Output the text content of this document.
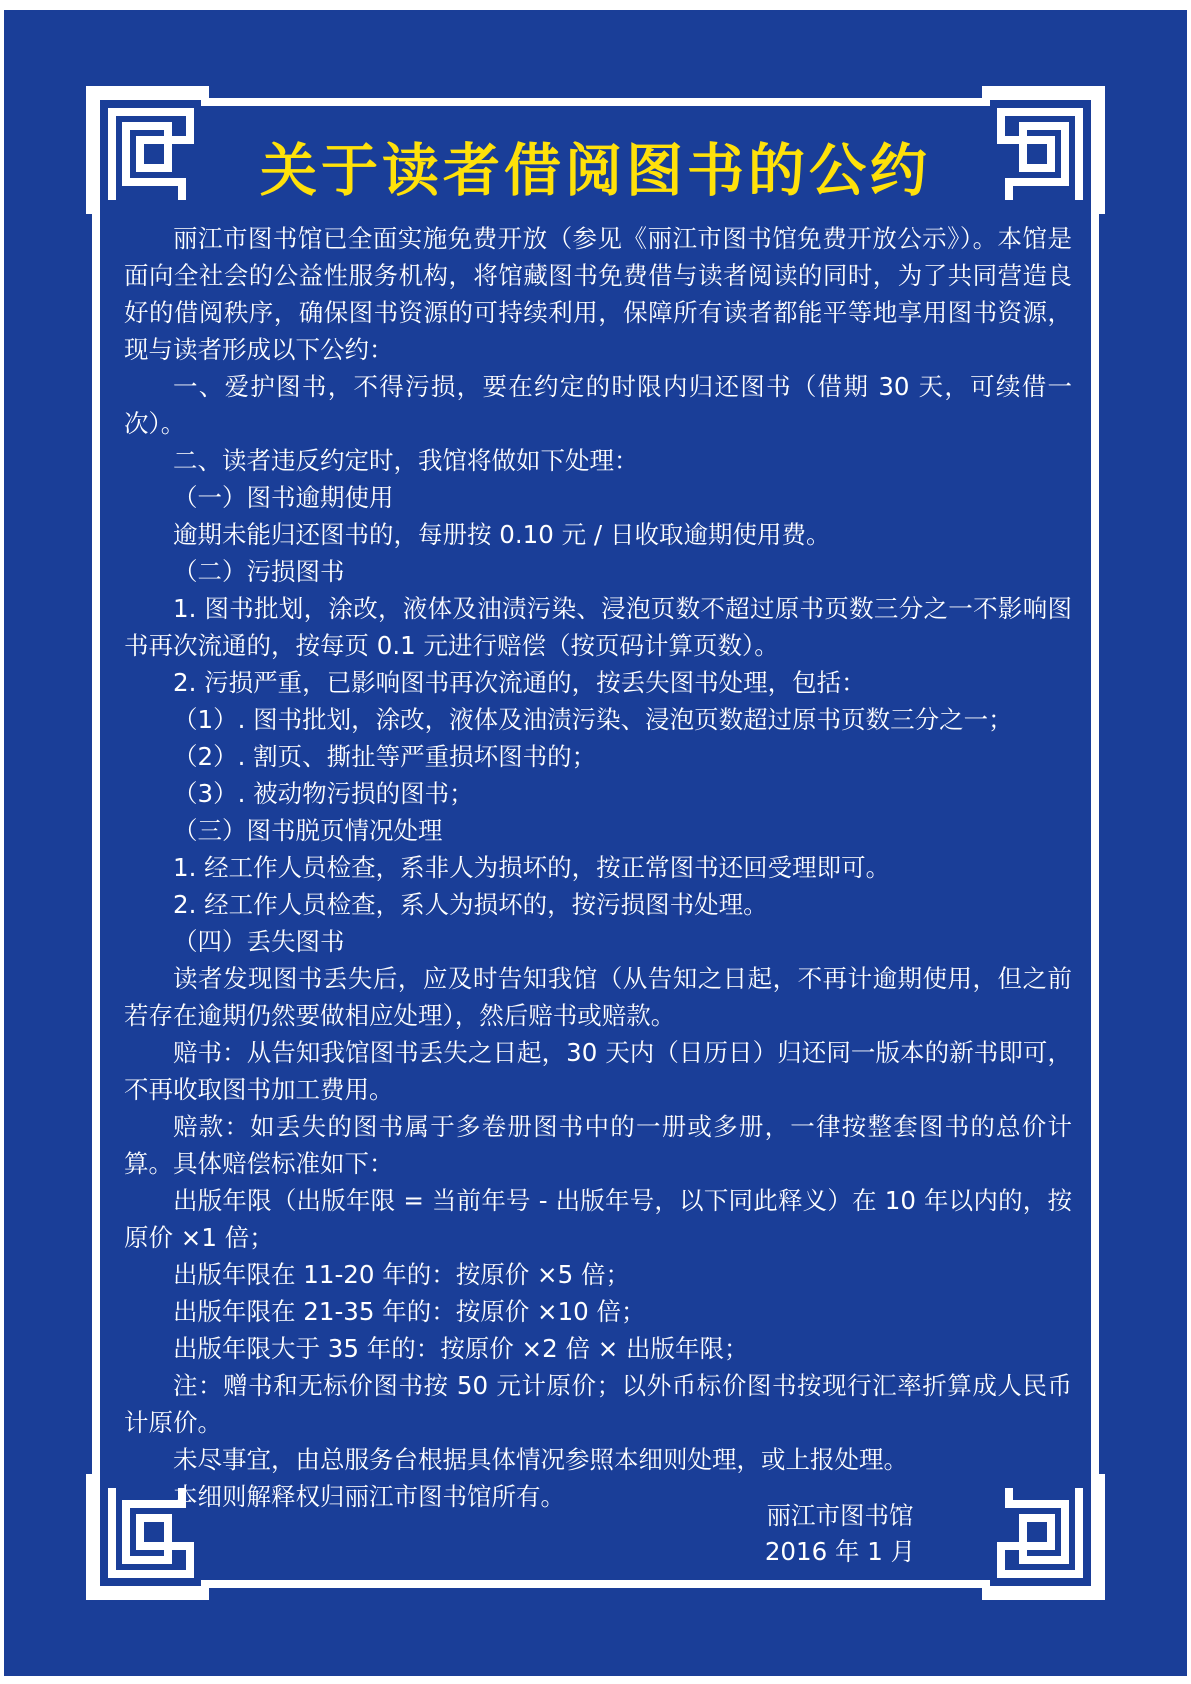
关于读者借阅图书的公约

丽江市图书馆已全面实施免费开放（参见《丽江市图书馆免费开放公示》）。本馆是面向全社会的公益性服务机构，将馆藏图书免费借与读者阅读的同时，为了共同营造良好的借阅秩序，确保图书资源的可持续利用，保障所有读者都能平等地享用图书资源，现与读者形成以下公约：

一、爱护图书，不得污损，要在约定的时限内归还图书（借期 30 天，可续借一次）。

二、读者违反约定时，我馆将做如下处理：

（一）图书逾期使用

逾期未能归还图书的，每册按 0.10 元 / 日收取逾期使用费。

（二）污损图书

1. 图书批划，涂改，液体及油渍污染、浸泡页数不超过原书页数三分之一不影响图书再次流通的，按每页 0.1 元进行赔偿（按页码计算页数）。

2. 污损严重，已影响图书再次流通的，按丢失图书处理，包括：

（1）. 图书批划，涂改，液体及油渍污染、浸泡页数超过原书页数三分之一；

（2）. 割页、撕扯等严重损坏图书的；

（3）. 被动物污损的图书；

（三）图书脱页情况处理

1. 经工作人员检查，系非人为损坏的，按正常图书还回受理即可。

2. 经工作人员检查，系人为损坏的，按污损图书处理。

（四）丢失图书

读者发现图书丢失后，应及时告知我馆（从告知之日起，不再计逾期使用，但之前若存在逾期仍然要做相应处理），然后赔书或赔款。

赔书：从告知我馆图书丢失之日起，30 天内（日历日）归还同一版本的新书即可，不再收取图书加工费用。

赔款：如丢失的图书属于多卷册图书中的一册或多册，一律按整套图书的总价计算。具体赔偿标准如下：

出版年限（出版年限 = 当前年号 - 出版年号，以下同此释义）在 10 年以内的，按原价 ×1 倍；

出版年限在 11-20 年的：按原价 ×5 倍；

出版年限在 21-35 年的：按原价 ×10 倍；

出版年限大于 35 年的：按原价 ×2 倍 × 出版年限；

注：赠书和无标价图书按 50 元计原价；以外币标价图书按现行汇率折算成人民币计原价。

未尽事宜，由总服务台根据具体情况参照本细则处理，或上报处理。

本细则解释权归丽江市图书馆所有。

丽江市图书馆
2016 年 1 月
